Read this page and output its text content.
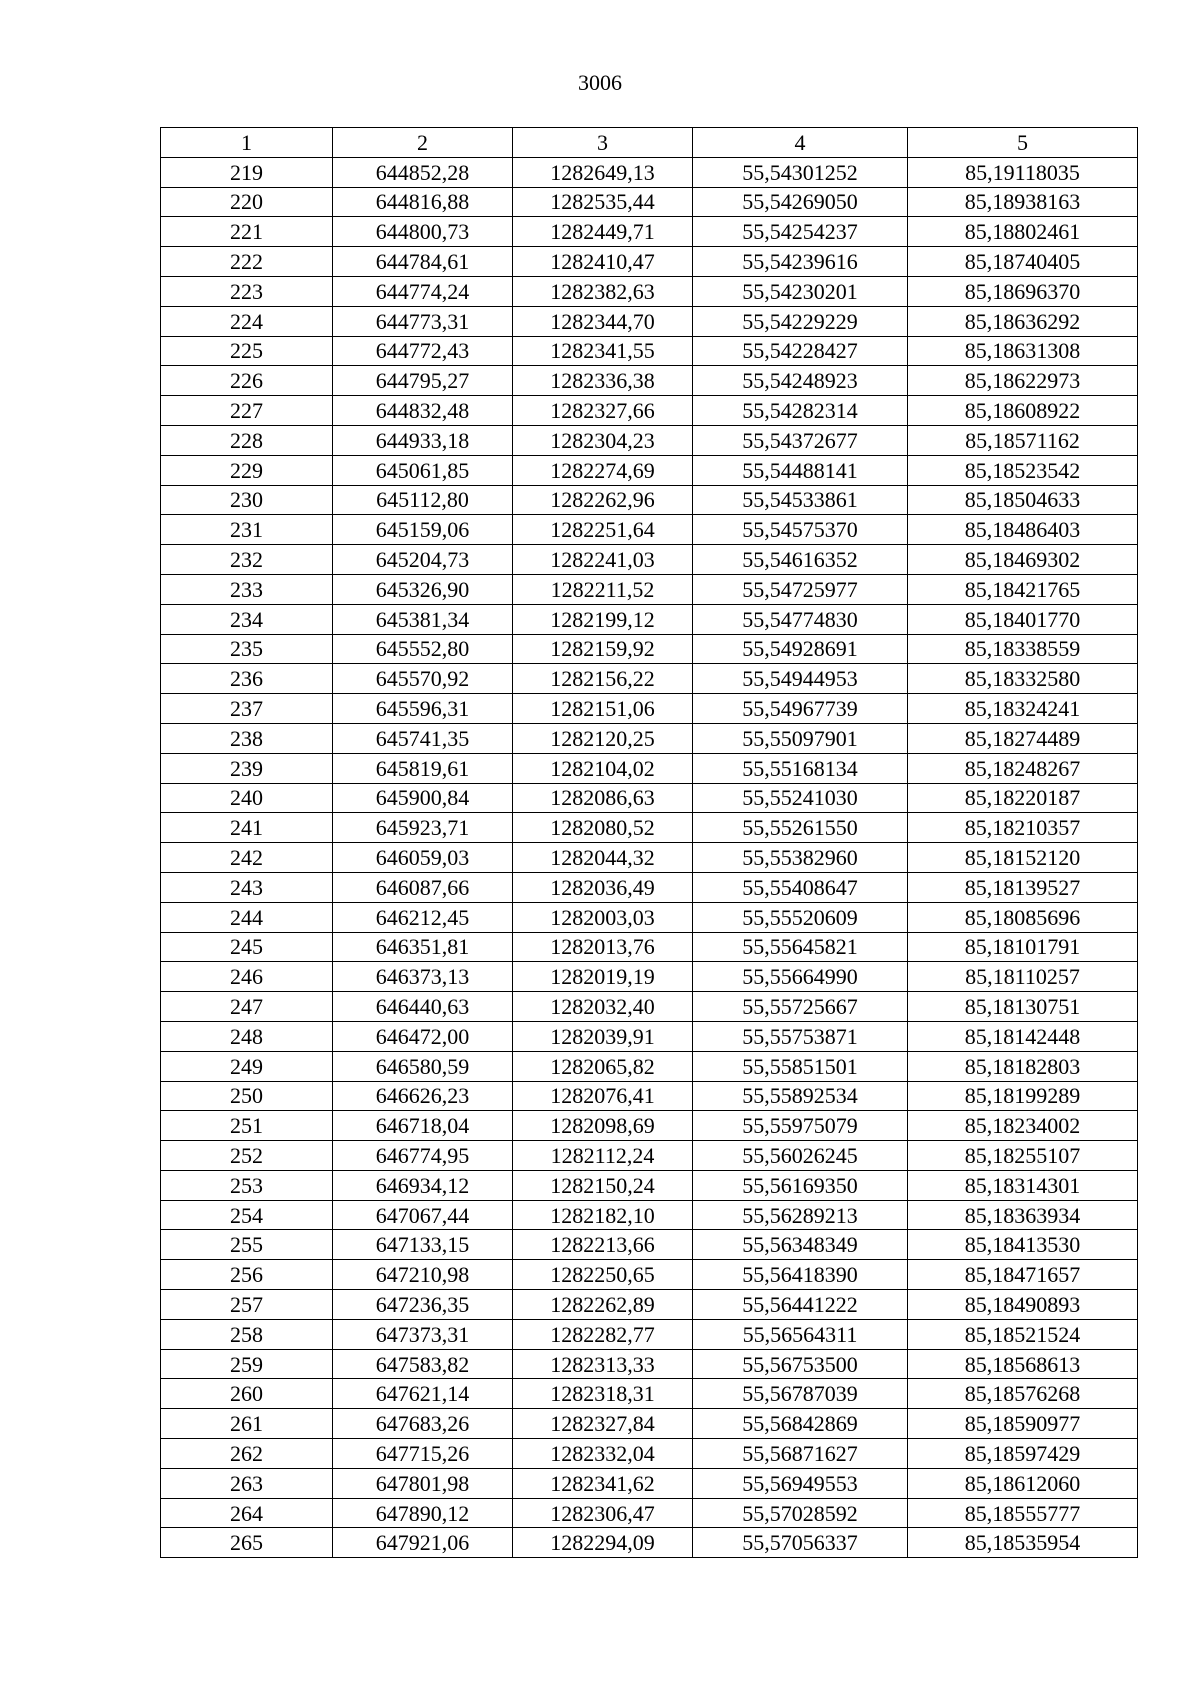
3006
1	2	3	4	5
219	644852,28	1282649,13	55,54301252	85,19118035
220	644816,88	1282535,44	55,54269050	85,18938163
221	644800,73	1282449,71	55,54254237	85,18802461
222	644784,61	1282410,47	55,54239616	85,18740405
223	644774,24	1282382,63	55,54230201	85,18696370
224	644773,31	1282344,70	55,54229229	85,18636292
225	644772,43	1282341,55	55,54228427	85,18631308
226	644795,27	1282336,38	55,54248923	85,18622973
227	644832,48	1282327,66	55,54282314	85,18608922
228	644933,18	1282304,23	55,54372677	85,18571162
229	645061,85	1282274,69	55,54488141	85,18523542
230	645112,80	1282262,96	55,54533861	85,18504633
231	645159,06	1282251,64	55,54575370	85,18486403
232	645204,73	1282241,03	55,54616352	85,18469302
233	645326,90	1282211,52	55,54725977	85,18421765
234	645381,34	1282199,12	55,54774830	85,18401770
235	645552,80	1282159,92	55,54928691	85,18338559
236	645570,92	1282156,22	55,54944953	85,18332580
237	645596,31	1282151,06	55,54967739	85,18324241
238	645741,35	1282120,25	55,55097901	85,18274489
239	645819,61	1282104,02	55,55168134	85,18248267
240	645900,84	1282086,63	55,55241030	85,18220187
241	645923,71	1282080,52	55,55261550	85,18210357
242	646059,03	1282044,32	55,55382960	85,18152120
243	646087,66	1282036,49	55,55408647	85,18139527
244	646212,45	1282003,03	55,55520609	85,18085696
245	646351,81	1282013,76	55,55645821	85,18101791
246	646373,13	1282019,19	55,55664990	85,18110257
247	646440,63	1282032,40	55,55725667	85,18130751
248	646472,00	1282039,91	55,55753871	85,18142448
249	646580,59	1282065,82	55,55851501	85,18182803
250	646626,23	1282076,41	55,55892534	85,18199289
251	646718,04	1282098,69	55,55975079	85,18234002
252	646774,95	1282112,24	55,56026245	85,18255107
253	646934,12	1282150,24	55,56169350	85,18314301
254	647067,44	1282182,10	55,56289213	85,18363934
255	647133,15	1282213,66	55,56348349	85,18413530
256	647210,98	1282250,65	55,56418390	85,18471657
257	647236,35	1282262,89	55,56441222	85,18490893
258	647373,31	1282282,77	55,56564311	85,18521524
259	647583,82	1282313,33	55,56753500	85,18568613
260	647621,14	1282318,31	55,56787039	85,18576268
261	647683,26	1282327,84	55,56842869	85,18590977
262	647715,26	1282332,04	55,56871627	85,18597429
263	647801,98	1282341,62	55,56949553	85,18612060
264	647890,12	1282306,47	55,57028592	85,18555777
265	647921,06	1282294,09	55,57056337	85,18535954
